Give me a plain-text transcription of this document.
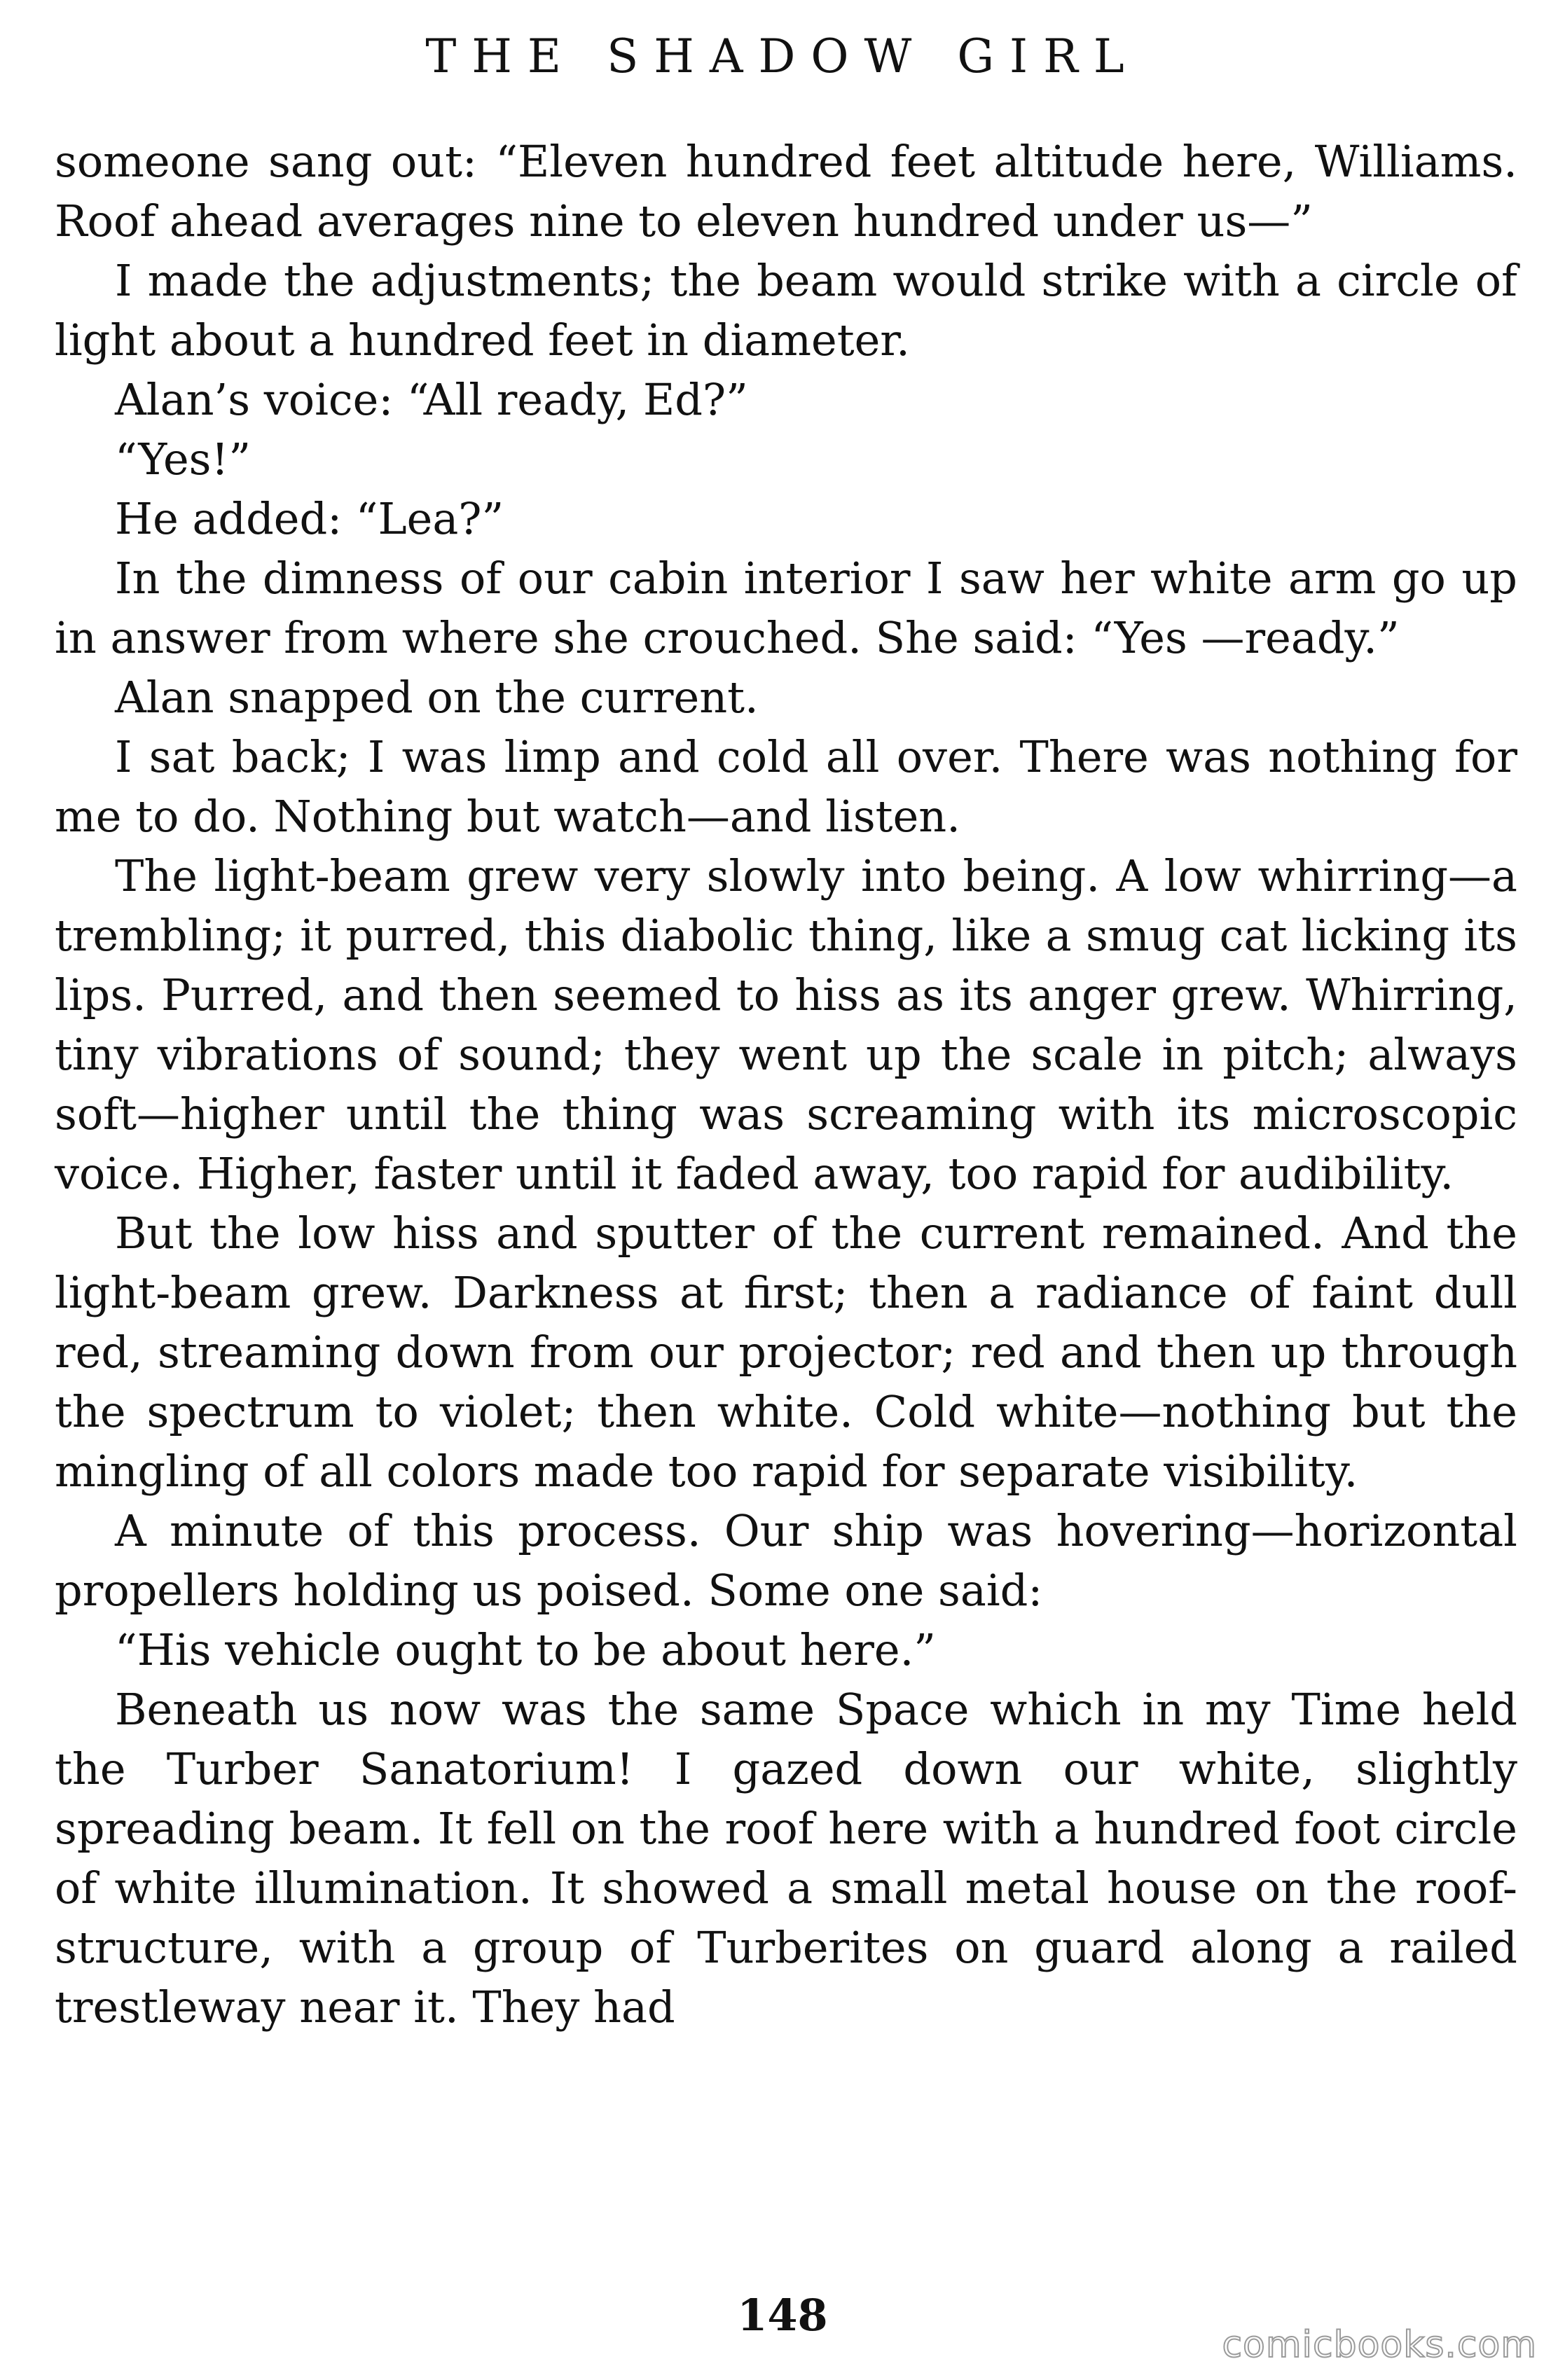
THE SHADOW GIRL

someone sang out: “Eleven hundred feet altitude here, Williams. Roof ahead averages nine to eleven hundred under us—”

I made the adjustments; the beam would strike with a circle of light about a hundred feet in diameter.

Alan’s voice: “All ready, Ed?”

“Yes!”

He added: “Lea?”

In the dimness of our cabin interior I saw her white arm go up in answer from where she crouched. She said: “Yes —ready.”

Alan snapped on the current.

I sat back; I was limp and cold all over. There was nothing for me to do. Nothing but watch—and listen.

The light-beam grew very slowly into being. A low whirring—a trembling; it purred, this diabolic thing, like a smug cat licking its lips. Purred, and then seemed to hiss as its anger grew. Whirring, tiny vibrations of sound; they went up the scale in pitch; always soft—higher until the thing was screaming with its microscopic voice. Higher, faster until it faded away, too rapid for audibility.

But the low hiss and sputter of the current remained. And the light-beam grew. Darkness at first; then a radiance of faint dull red, streaming down from our projector; red and then up through the spectrum to violet; then white. Cold white—nothing but the mingling of all colors made too rapid for separate visibility.

A minute of this process. Our ship was hovering—horizontal propellers holding us poised. Some one said:

“His vehicle ought to be about here.”

Beneath us now was the same Space which in my Time held the Turber Sanatorium! I gazed down our white, slightly spreading beam. It fell on the roof here with a hundred foot circle of white illumination. It showed a small metal house on the roof-structure, with a group of Turberites on guard along a railed trestleway near it. They had

148
comicbooks.com
